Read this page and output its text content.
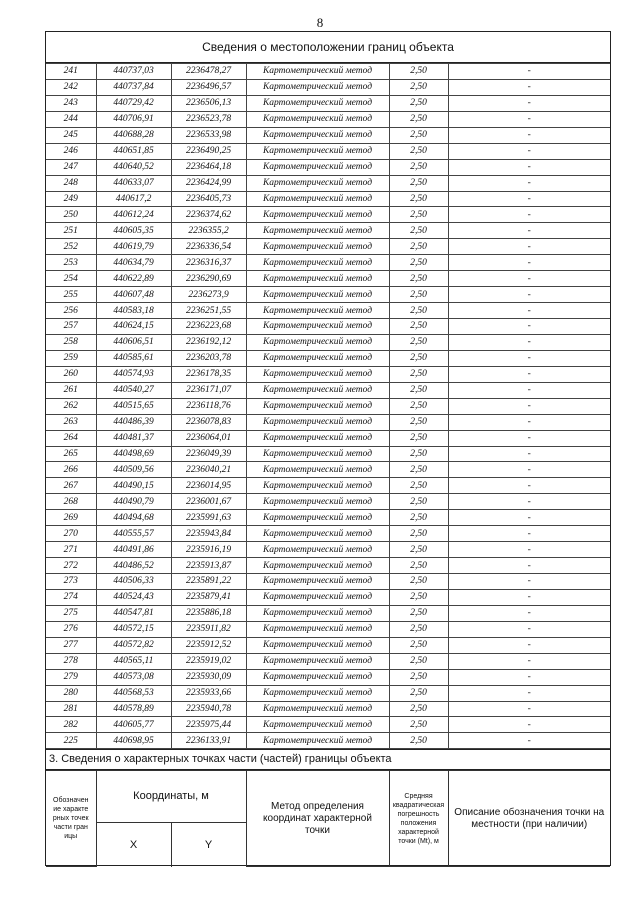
8
Сведения о местоположении границ объекта
241	440737,03	2236478,27	Картометрический метод	2,50	-
242	440737,84	2236496,57	Картометрический метод	2,50	-
243	440729,42	2236506,13	Картометрический метод	2,50	-
244	440706,91	2236523,78	Картометрический метод	2,50	-
245	440688,28	2236533,98	Картометрический метод	2,50	-
246	440651,85	2236490,25	Картометрический метод	2,50	-
247	440640,52	2236464,18	Картометрический метод	2,50	-
248	440633,07	2236424,99	Картометрический метод	2,50	-
249	440617,2	2236405,73	Картометрический метод	2,50	-
250	440612,24	2236374,62	Картометрический метод	2,50	-
251	440605,35	2236355,2	Картометрический метод	2,50	-
252	440619,79	2236336,54	Картометрический метод	2,50	-
253	440634,79	2236316,37	Картометрический метод	2,50	-
254	440622,89	2236290,69	Картометрический метод	2,50	-
255	440607,48	2236273,9	Картометрический метод	2,50	-
256	440583,18	2236251,55	Картометрический метод	2,50	-
257	440624,15	2236223,68	Картометрический метод	2,50	-
258	440606,51	2236192,12	Картометрический метод	2,50	-
259	440585,61	2236203,78	Картометрический метод	2,50	-
260	440574,93	2236178,35	Картометрический метод	2,50	-
261	440540,27	2236171,07	Картометрический метод	2,50	-
262	440515,65	2236118,76	Картометрический метод	2,50	-
263	440486,39	2236078,83	Картометрический метод	2,50	-
264	440481,37	2236064,01	Картометрический метод	2,50	-
265	440498,69	2236049,39	Картометрический метод	2,50	-
266	440509,56	2236040,21	Картометрический метод	2,50	-
267	440490,15	2236014,95	Картометрический метод	2,50	-
268	440490,79	2236001,67	Картометрический метод	2,50	-
269	440494,68	2235991,63	Картометрический метод	2,50	-
270	440555,57	2235943,84	Картометрический метод	2,50	-
271	440491,86	2235916,19	Картометрический метод	2,50	-
272	440486,52	2235913,87	Картометрический метод	2,50	-
273	440506,33	2235891,22	Картометрический метод	2,50	-
274	440524,43	2235879,41	Картометрический метод	2,50	-
275	440547,81	2235886,18	Картометрический метод	2,50	-
276	440572,15	2235911,82	Картометрический метод	2,50	-
277	440572,82	2235912,52	Картометрический метод	2,50	-
278	440565,11	2235919,02	Картометрический метод	2,50	-
279	440573,08	2235930,09	Картометрический метод	2,50	-
280	440568,53	2235933,66	Картометрический метод	2,50	-
281	440578,89	2235940,78	Картометрический метод	2,50	-
282	440605,77	2235975,44	Картометрический метод	2,50	-
225	440698,95	2236133,91	Картометрический метод	2,50	-
3. Сведения о характерных точках части (частей) границы объекта
Обозначение характерных точек части границы	Координаты, м		Метод определения координат характерной точки	Средняя квадратическая погрешность положения характерной точки (Mt), м	Описание обозначения точки на местности (при наличии)
	X	Y			
